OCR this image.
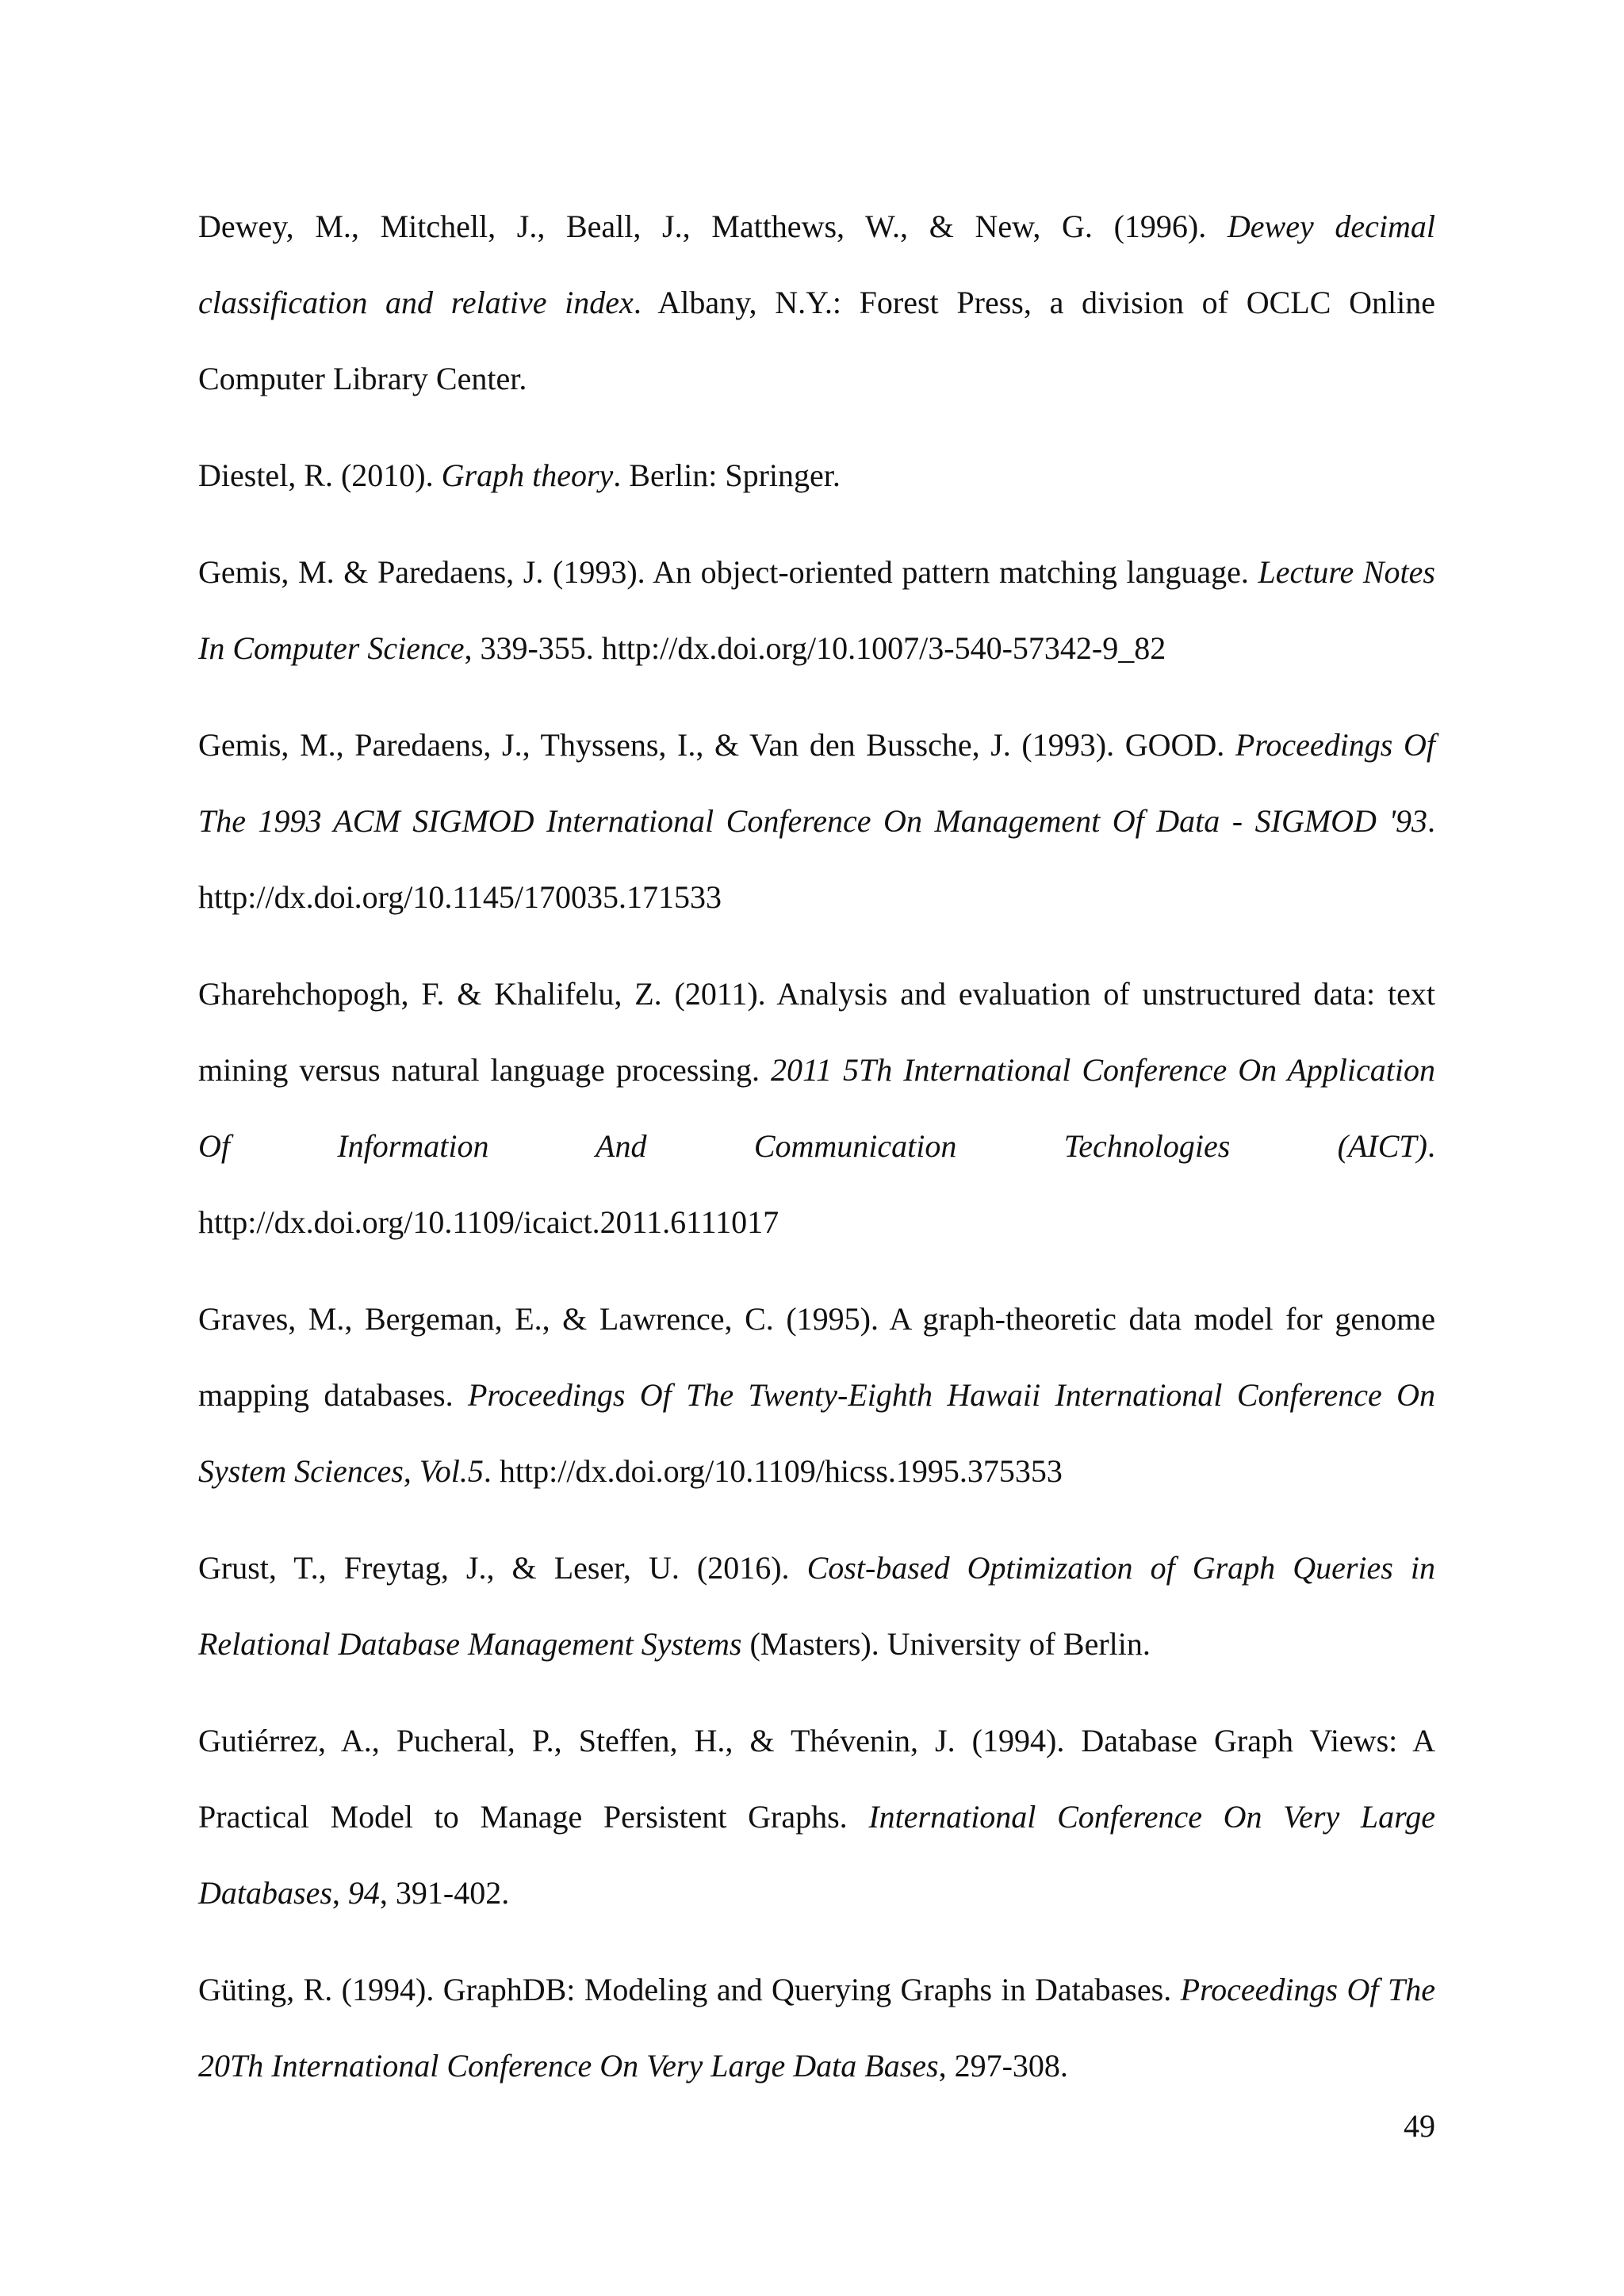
Dewey, M., Mitchell, J., Beall, J., Matthews, W., & New, G. (1996). Dewey decimal classification and relative index. Albany, N.Y.: Forest Press, a division of OCLC Online Computer Library Center.

Diestel, R. (2010). Graph theory. Berlin: Springer.

Gemis, M. & Paredaens, J. (1993). An object-oriented pattern matching language. Lecture Notes In Computer Science, 339-355. http://dx.doi.org/10.1007/3-540-57342-9_82

Gemis, M., Paredaens, J., Thyssens, I., & Van den Bussche, J. (1993). GOOD. Proceedings Of The 1993 ACM SIGMOD International Conference On Management Of Data - SIGMOD '93. http://dx.doi.org/10.1145/170035.171533

Gharehchopogh, F. & Khalifelu, Z. (2011). Analysis and evaluation of unstructured data: text mining versus natural language processing. 2011 5Th International Conference On Application Of Information And Communication Technologies (AICT). http://dx.doi.org/10.1109/icaict.2011.6111017

Graves, M., Bergeman, E., & Lawrence, C. (1995). A graph-theoretic data model for genome mapping databases. Proceedings Of The Twenty-Eighth Hawaii International Conference On System Sciences, Vol.5. http://dx.doi.org/10.1109/hicss.1995.375353

Grust, T., Freytag, J., & Leser, U. (2016). Cost-based Optimization of Graph Queries in Relational Database Management Systems (Masters). University of Berlin.

Gutiérrez, A., Pucheral, P., Steffen, H., & Thévenin, J. (1994). Database Graph Views: A Practical Model to Manage Persistent Graphs. International Conference On Very Large Databases, 94, 391-402.

Güting, R. (1994). GraphDB: Modeling and Querying Graphs in Databases. Proceedings Of The 20Th International Conference On Very Large Data Bases, 297-308.

49
